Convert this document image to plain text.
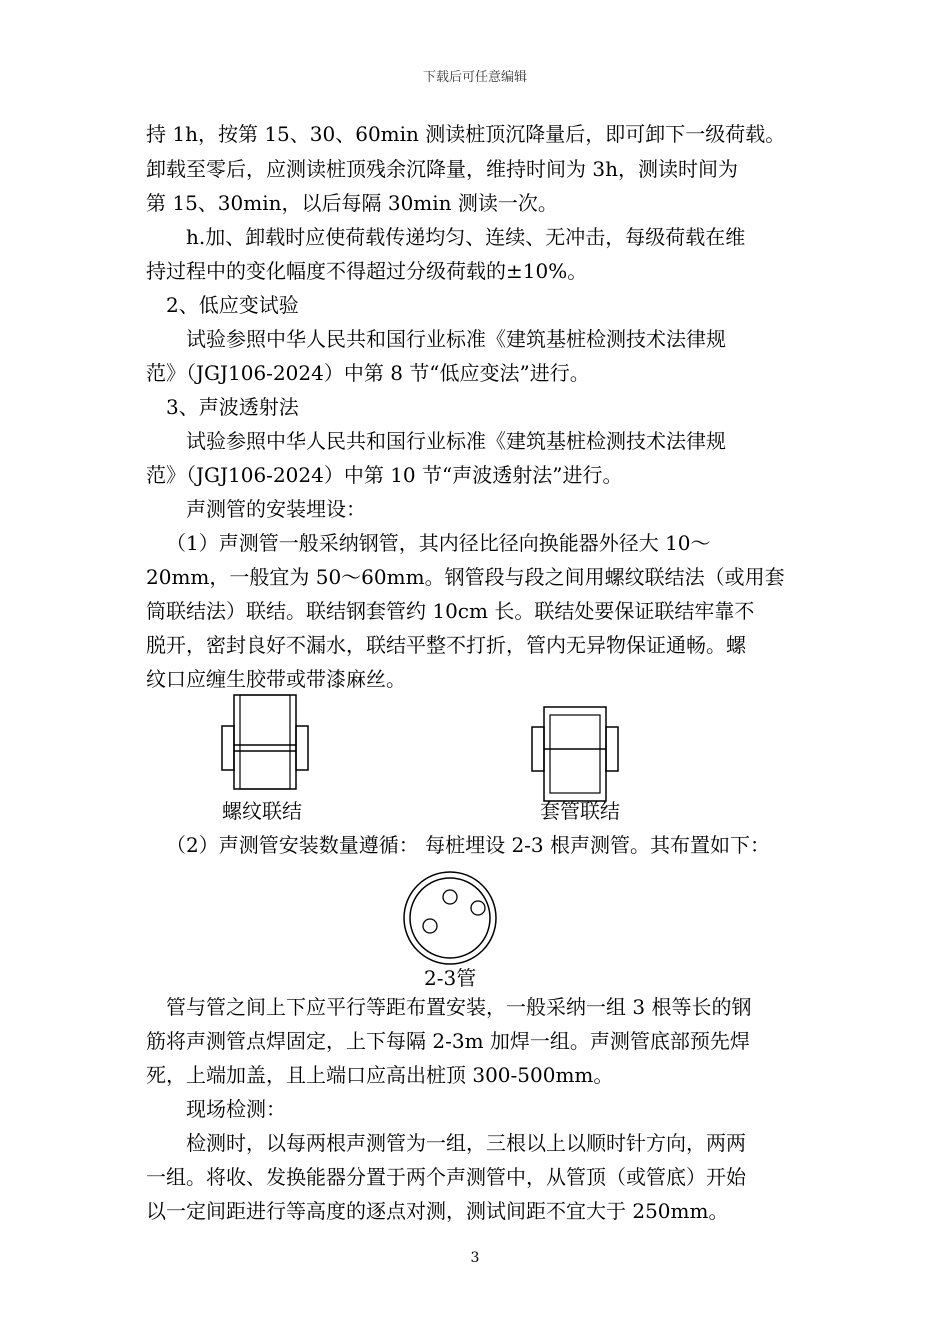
下载后可任意编辑
持 1h，按第 15、30、60min 测读桩顶沉降量后，即可卸下一级荷载。
卸载至零后，应测读桩顶残余沉降量，维持时间为 3h，测读时间为
第 15、30min，以后每隔 30min 测读一次。
h.加、卸载时应使荷载传递均匀、连续、无冲击，每级荷载在维
持过程中的变化幅度不得超过分级荷载的±10%。
2、低应变试验
试验参照中华人民共和国行业标准《建筑基桩检测技术法律规
范》（JGJ106-2024）中第 8 节“低应变法”进行。
3、声波透射法
试验参照中华人民共和国行业标准《建筑基桩检测技术法律规
范》（JGJ106-2024）中第 10 节“声波透射法”进行。
声测管的安装埋设：
（1）声测管一般采纳钢管，其内径比径向换能器外径大 10～
20mm，一般宜为 50～60mm。钢管段与段之间用螺纹联结法（或用套
筒联结法）联结。联结钢套管约 10cm 长。联结处要保证联结牢靠不
脱开，密封良好不漏水，联结平整不打折，管内无异物保证通畅。螺
纹口应缠生胶带或带漆麻丝。
螺纹联结	套管联结
（2）声测管安装数量遵循： 每桩埋设 2-3 根声测管。其布置如下：
2-3管
管与管之间上下应平行等距布置安装，一般采纳一组 3 根等长的钢
筋将声测管点焊固定，上下每隔 2-3m 加焊一组。声测管底部预先焊
死，上端加盖，且上端口应高出桩顶 300-500mm。
现场检测：
检测时，以每两根声测管为一组，三根以上以顺时针方向，两两
一组。将收、发换能器分置于两个声测管中，从管顶（或管底）开始
以一定间距进行等高度的逐点对测，测试间距不宜大于 250mm。
3
